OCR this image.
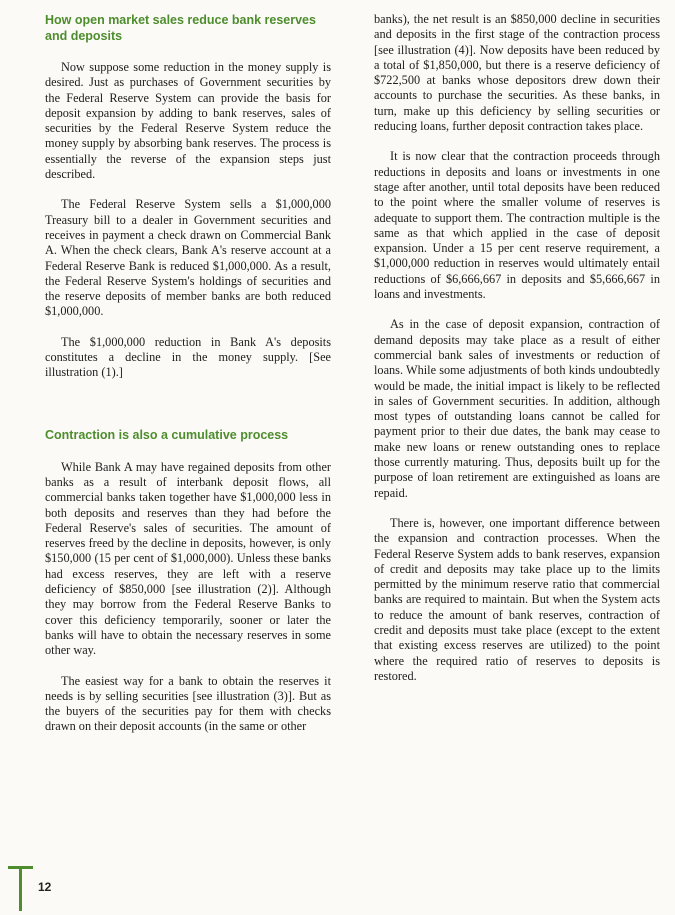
How open market sales reduce bank reserves and deposits

Now suppose some reduction in the money supply is desired. Just as purchases of Government securities by the Federal Reserve System can provide the basis for deposit expansion by adding to bank reserves, sales of securities by the Federal Reserve System reduce the money supply by absorbing bank reserves. The process is essentially the reverse of the expansion steps just described.

The Federal Reserve System sells a $1,000,000 Treasury bill to a dealer in Government securities and receives in payment a check drawn on Commercial Bank A. When the check clears, Bank A's reserve account at a Federal Reserve Bank is reduced $1,000,000. As a result, the Federal Reserve System's holdings of securities and the reserve deposits of member banks are both reduced $1,000,000.

The $1,000,000 reduction in Bank A's deposits constitutes a decline in the money supply. [See illustration (1).]

Contraction is also a cumulative process

While Bank A may have regained deposits from other banks as a result of interbank deposit flows, all commercial banks taken together have $1,000,000 less in both deposits and reserves than they had before the Federal Reserve's sales of securities. The amount of reserves freed by the decline in deposits, however, is only $150,000 (15 per cent of $1,000,000). Unless these banks had excess reserves, they are left with a reserve deficiency of $850,000 [see illustration (2)]. Although they may borrow from the Federal Reserve Banks to cover this deficiency temporarily, sooner or later the banks will have to obtain the necessary reserves in some other way.

The easiest way for a bank to obtain the reserves it needs is by selling securities [see illustration (3)]. But as the buyers of the securities pay for them with checks drawn on their deposit accounts (in the same or other

banks), the net result is an $850,000 decline in securities and deposits in the first stage of the contraction process [see illustration (4)]. Now deposits have been reduced by a total of $1,850,000, but there is a reserve deficiency of $722,500 at banks whose depositors drew down their accounts to purchase the securities. As these banks, in turn, make up this deficiency by selling securities or reducing loans, further deposit contraction takes place.

It is now clear that the contraction proceeds through reductions in deposits and loans or investments in one stage after another, until total deposits have been reduced to the point where the smaller volume of reserves is adequate to support them. The contraction multiple is the same as that which applied in the case of deposit expansion. Under a 15 per cent reserve requirement, a $1,000,000 reduction in reserves would ultimately entail reductions of $6,666,667 in deposits and $5,666,667 in loans and investments.

As in the case of deposit expansion, contraction of demand deposits may take place as a result of either commercial bank sales of investments or reduction of loans. While some adjustments of both kinds undoubtedly would be made, the initial impact is likely to be reflected in sales of Government securities. In addition, although most types of outstanding loans cannot be called for payment prior to their due dates, the bank may cease to make new loans or renew outstanding ones to replace those currently maturing. Thus, deposits built up for the purpose of loan retirement are extinguished as loans are repaid.

There is, however, one important difference between the expansion and contraction processes. When the Federal Reserve System adds to bank reserves, expansion of credit and deposits may take place up to the limits permitted by the minimum reserve ratio that commercial banks are required to maintain. But when the System acts to reduce the amount of bank reserves, contraction of credit and deposits must take place (except to the extent that existing excess reserves are utilized) to the point where the required ratio of reserves to deposits is restored.

12
